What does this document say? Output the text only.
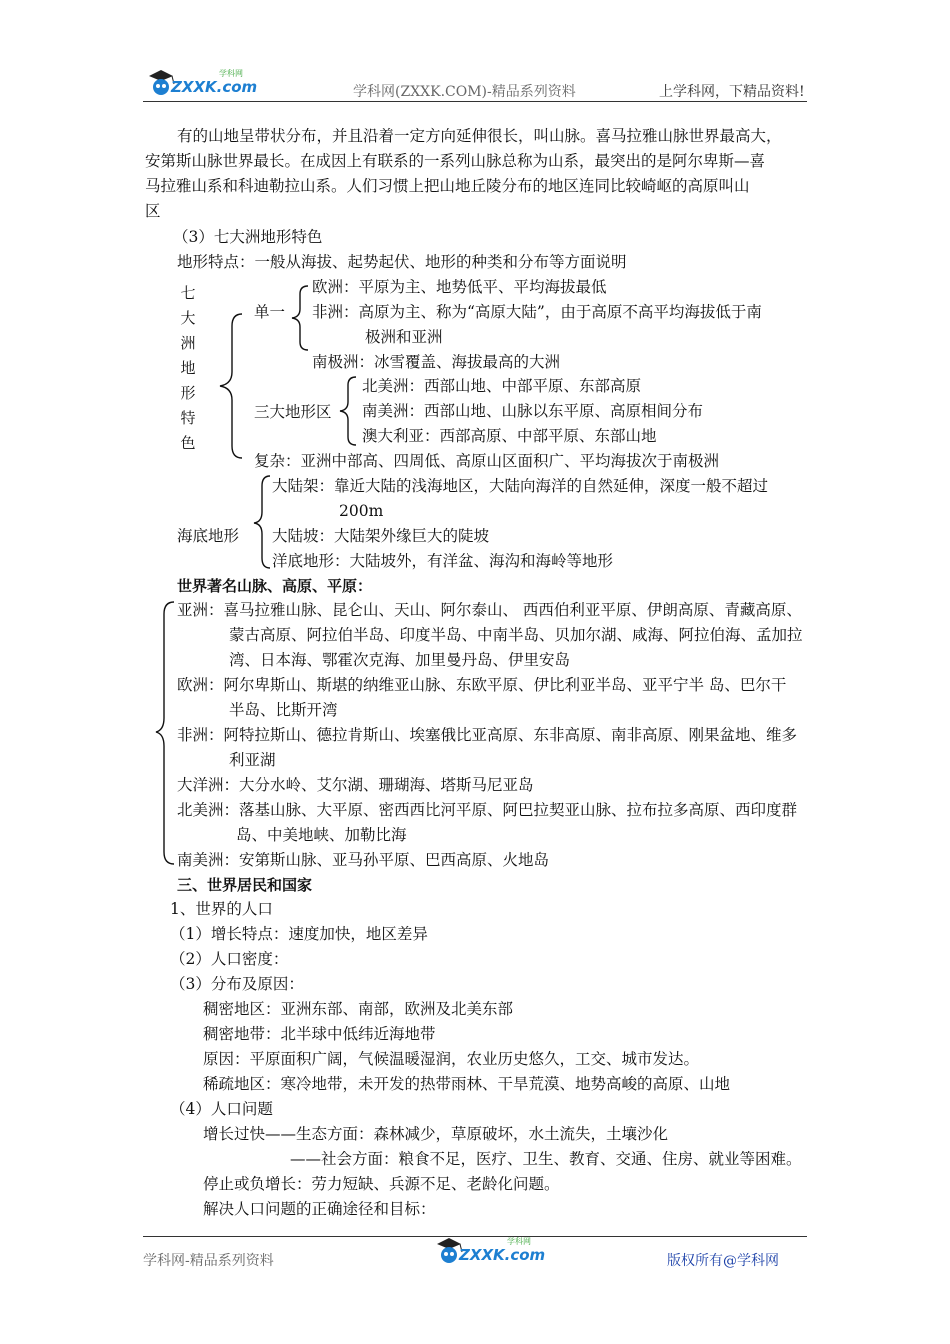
ZXXK.com
学科网
学科网(ZXXK.COM)-精品系列资料	上学科网，下精品资料!
有的山地呈带状分布，并且沿着一定方向延伸很长，叫山脉。喜马拉雅山脉世界最高大，
安第斯山脉世界最长。在成因上有联系的一系列山脉总称为山系，最突出的是阿尔卑斯—喜
马拉雅山系和科迪勒拉山系。人们习惯上把山地丘陵分布的地区连同比较崎岖的高原叫山
区
（3）七大洲地形特色
地形特点：一般从海拔、起势起伏、地形的种类和分布等方面说明
七
大
洲
地
形
特
色
单一
欧洲：平原为主、地势低平、平均海拔最低
非洲：高原为主、称为“高原大陆”，由于高原不高平均海拔低于南
极洲和亚洲
南极洲：冰雪覆盖、海拔最高的大洲
三大地形区
北美洲：西部山地、中部平原、东部高原
南美洲：西部山地、山脉以东平原、高原相间分布
澳大利亚：西部高原、中部平原、东部山地
复杂：亚洲中部高、四周低、高原山区面积广、平均海拔次于南极洲
海底地形
大陆架：靠近大陆的浅海地区，大陆向海洋的自然延伸，深度一般不超过
200m
大陆坡：大陆架外缘巨大的陡坡
洋底地形：大陆坡外，有洋盆、海沟和海岭等地形
世界著名山脉、高原、平原：
亚洲：喜马拉雅山脉、昆仑山、天山、阿尔泰山、 西西伯利亚平原、伊朗高原、青藏高原、
蒙古高原、阿拉伯半岛、印度半岛、中南半岛、贝加尔湖、咸海、阿拉伯海、孟加拉
湾、日本海、鄂霍次克海、加里曼丹岛、伊里安岛
欧洲：阿尔卑斯山、斯堪的纳维亚山脉、东欧平原、伊比利亚半岛、亚平宁半 岛、巴尔干
半岛、比斯开湾
非洲：阿特拉斯山、德拉肯斯山、埃塞俄比亚高原、东非高原、南非高原、刚果盆地、维多
利亚湖
大洋洲：大分水岭、艾尔湖、珊瑚海、塔斯马尼亚岛
北美洲：落基山脉、大平原、密西西比河平原、阿巴拉契亚山脉、拉布拉多高原、西印度群
岛、中美地峡、加勒比海
南美洲：安第斯山脉、亚马孙平原、巴西高原、火地岛
三、世界居民和国家
1、世界的人口
（1）增长特点：速度加快，地区差异
（2）人口密度：
（3）分布及原因：
稠密地区：亚洲东部、南部，欧洲及北美东部
稠密地带：北半球中低纬近海地带
原因：平原面积广阔，气候温暖湿润，农业历史悠久，工交、城市发达。
稀疏地区：寒冷地带，未开发的热带雨林、干旱荒漠、地势高峻的高原、山地
（4）人口问题
增长过快——生态方面：森林减少，草原破坏，水土流失，土壤沙化
——社会方面：粮食不足，医疗、卫生、教育、交通、住房、就业等困难。
停止或负增长：劳力短缺、兵源不足、老龄化问题。
解决人口问题的正确途径和目标：
学科网-精品系列资料	ZXXK.com
学科网
版权所有@学科网
